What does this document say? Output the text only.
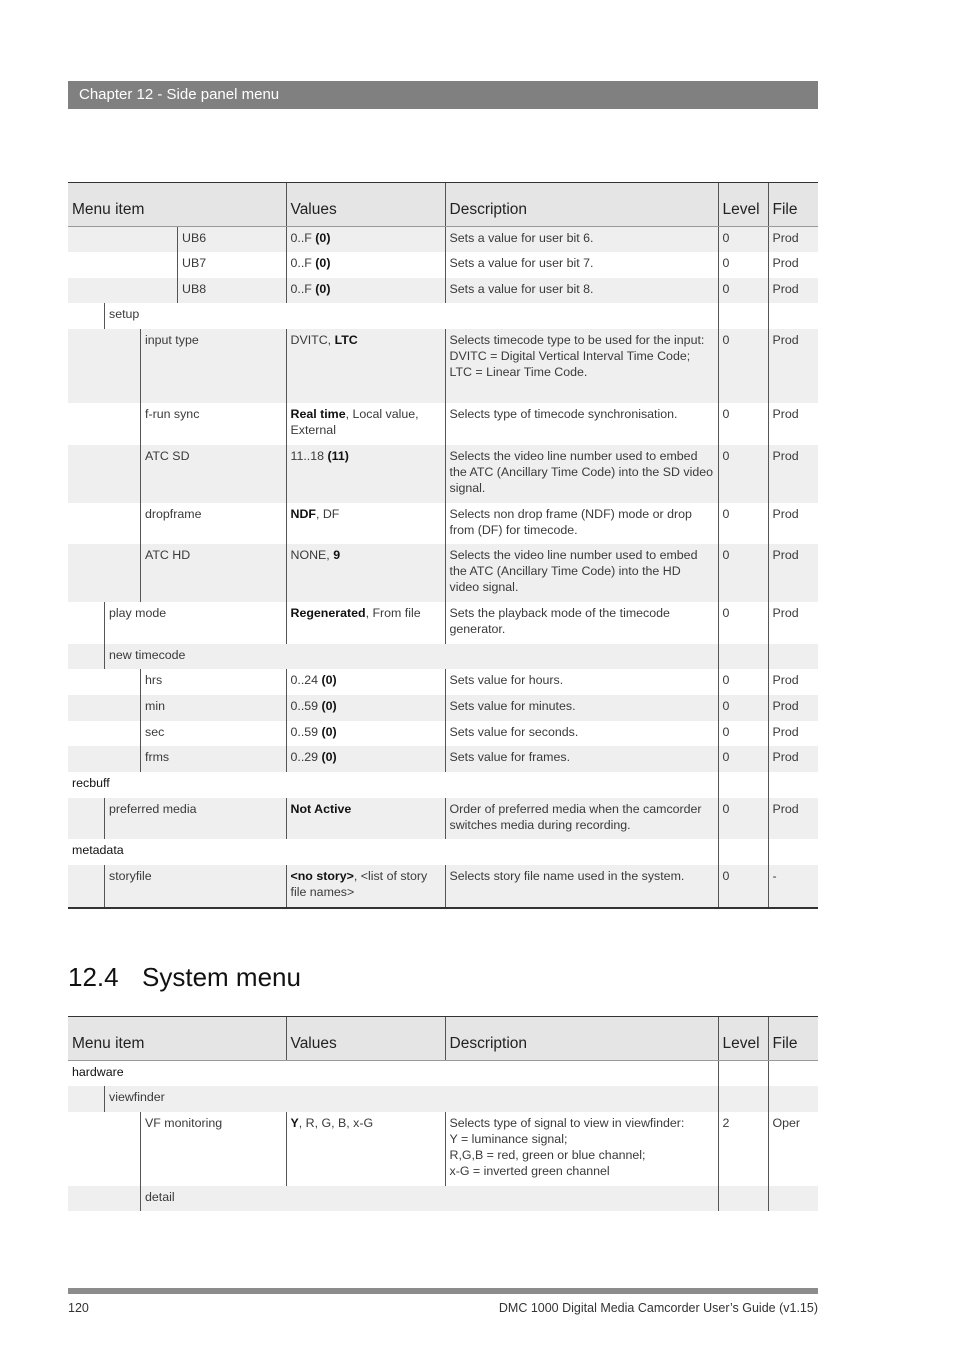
Chapter 12 - Side panel menu
Menu item	Values	Description	Level	File

UB6	0..F (0)	Sets a value for user bit 6.	0	Prod

UB7	0..F (0)	Sets a value for user bit 7.	0	Prod

UB8	0..F (0)	Sets a value for user bit 8.	0	Prod

setup				

input type	DVITC, LTC	Selects timecode type to be used for the input:
DVITC = Digital Vertical Interval Time Code;
LTC = Linear Time Code.	0	Prod

f-run sync	Real time, Local value, External	Selects type of timecode synchronisation.	0	Prod

ATC SD	11..18 (11)	Selects the video line number used to embed the ATC (Ancillary Time Code) into the SD video signal.	0	Prod

dropframe	NDF, DF	Selects non drop frame (NDF) mode or drop from (DF) for timecode.	0	Prod

ATC HD	NONE, 9	Selects the video line number used to embed the ATC (Ancillary Time Code) into the HD video signal.	0	Prod

play mode	Regenerated, From file	Sets the playback mode of the timecode generator.	0	Prod

new timecode				

hrs	0..24 (0)	Sets value for hours.	0	Prod

min	0..59 (0)	Sets value for minutes.	0	Prod

sec	0..59 (0)	Sets value for seconds.	0	Prod

frms	0..29 (0)	Sets value for frames.	0	Prod

recbuff				

preferred media	Not Active	Order of preferred media when the camcorder switches media during recording.	0	Prod

metadata				

storyfile	<no story>, <list of story file names>	Selects story file name used in the system.	0	-
12.4 System menu
Menu item	Values	Description	Level	File

hardware				

viewfinder				

VF monitoring	Y, R, G, B, x-G	Selects type of signal to view in viewfinder:
Y = luminance signal;
R,G,B = red, green or blue channel;
x-G = inverted green channel	2	Oper

detail				

120	DMC 1000 Digital Media Camcorder User’s Guide (v1.15)
